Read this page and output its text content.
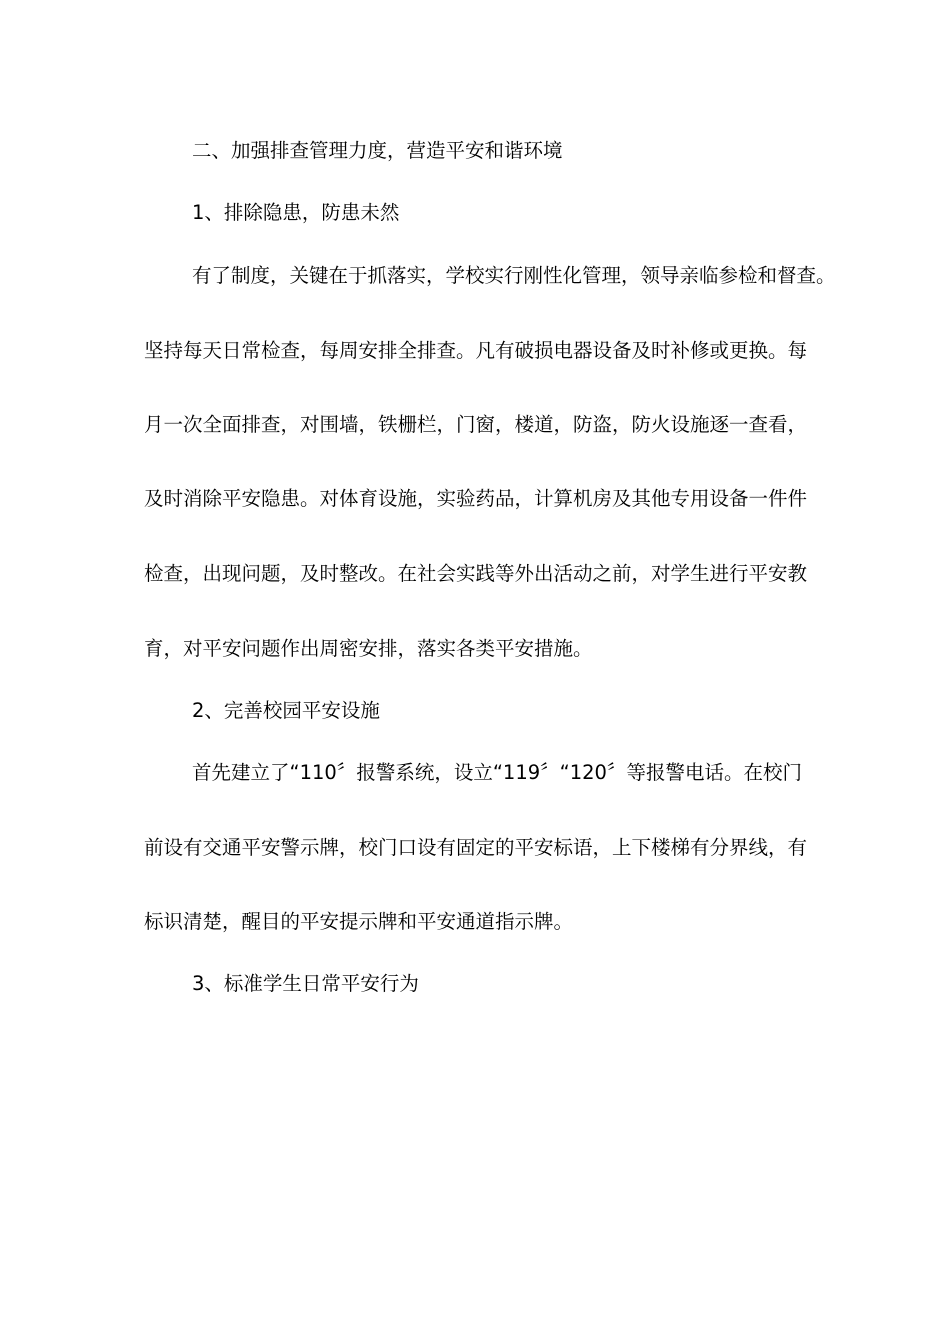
二、加强排查管理力度，营造平安和谐环境
1、排除隐患，防患未然
有了制度，关键在于抓落实，学校实行刚性化管理，领导亲临参检和督查。
坚持每天日常检查，每周安排全排查。凡有破损电器设备及时补修或更换。每
月一次全面排查，对围墙，铁栅栏，门窗，楼道，防盗，防火设施逐一查看，
及时消除平安隐患。对体育设施，实验药品，计算机房及其他专用设备一件件
检查，出现问题，及时整改。在社会实践等外出活动之前，对学生进行平安教
育，对平安问题作出周密安排，落实各类平安措施。
2、完善校园平安设施
首先建立了“110〞报警系统，设立“119〞“120〞等报警电话。在校门
前设有交通平安警示牌，校门口设有固定的平安标语，上下楼梯有分界线，有
标识清楚，醒目的平安提示牌和平安通道指示牌。
3、标准学生日常平安行为
